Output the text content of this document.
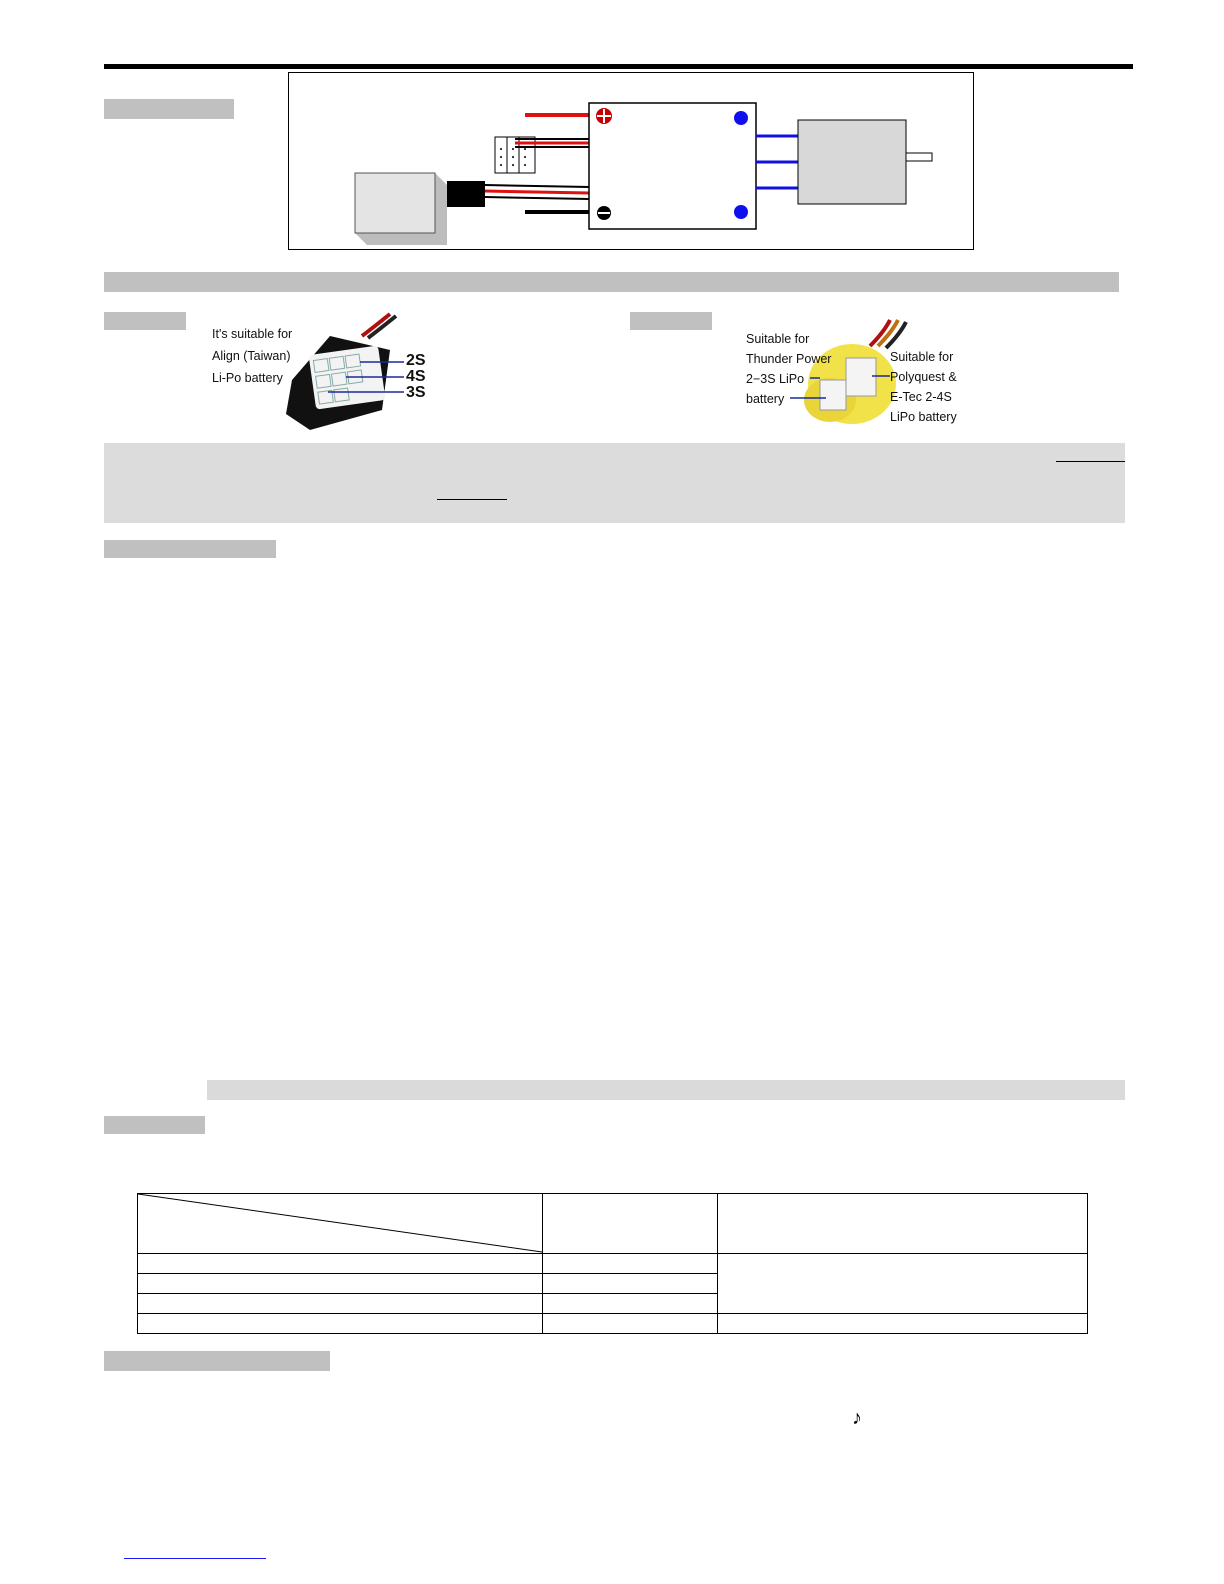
It's suitable for
Align (Taiwan)
Li-Po battery
2S
4S
3S
Suitable for
Thunder Power
2−3S LiPo
battery
Suitable for
Polyquest &
E-Tec 2-4S
LiPo battery

♪
